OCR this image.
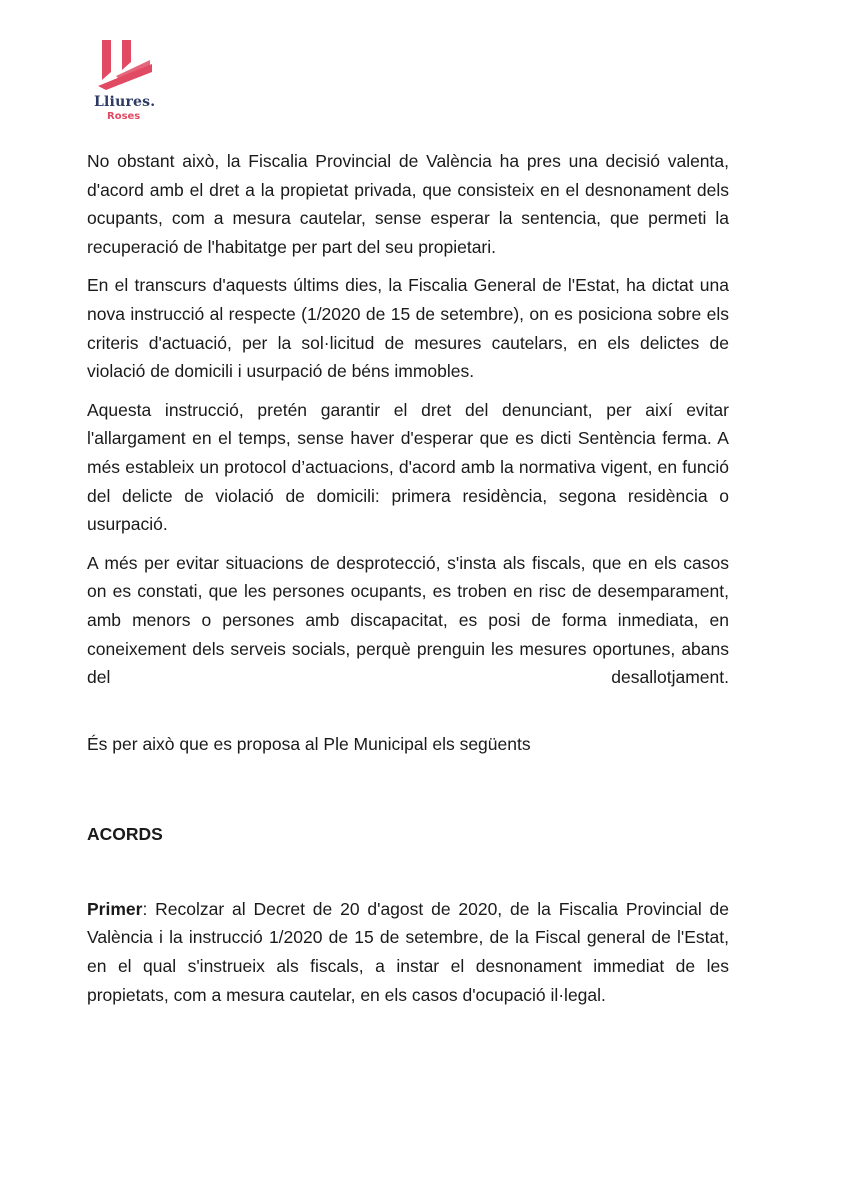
Lliures.
Roses

No obstant això, la Fiscalia Provincial de València ha pres una decisió valenta, d'acord amb el dret a la propietat privada, que consisteix en el desnonament dels ocupants, com a mesura cautelar, sense esperar la sentencia, que permeti la recuperació de l'habitatge per part del seu propietari.

En el transcurs d'aquests últims dies, la Fiscalia General de l'Estat, ha dictat una nova instrucció al respecte (1/2020 de 15 de setembre), on es posiciona sobre els criteris d'actuació, per la sol·licitud de mesures cautelars, en els delictes de violació de domicili i usurpació de béns immobles.

Aquesta instrucció, pretén garantir el dret del denunciant, per així evitar l'allargament en el temps, sense haver d'esperar que es dicti Sentència ferma. A més estableix un protocol d’actuacions, d'acord amb la normativa vigent, en funció del delicte de violació de domicili: primera residència, segona residència o usurpació.

A més per evitar situacions de desprotecció, s'insta als fiscals, que en els casos on es constati, que les persones ocupants, es troben en risc de desemparament, amb menors o persones amb discapacitat, es posi de forma inmediata, en coneixement dels serveis socials, perquè prenguin les mesures oportunes, abans del desallotjament.

És per això que es proposa al Ple Municipal els següents

ACORDS

Primer: Recolzar al Decret de 20 d'agost de 2020, de la Fiscalia Provincial de València i la instrucció 1/2020 de 15 de setembre, de la Fiscal general de l'Estat, en el qual s'instrueix als fiscals, a instar el desnonament immediat de les propietats, com a mesura cautelar, en els casos d'ocupació il·legal.
